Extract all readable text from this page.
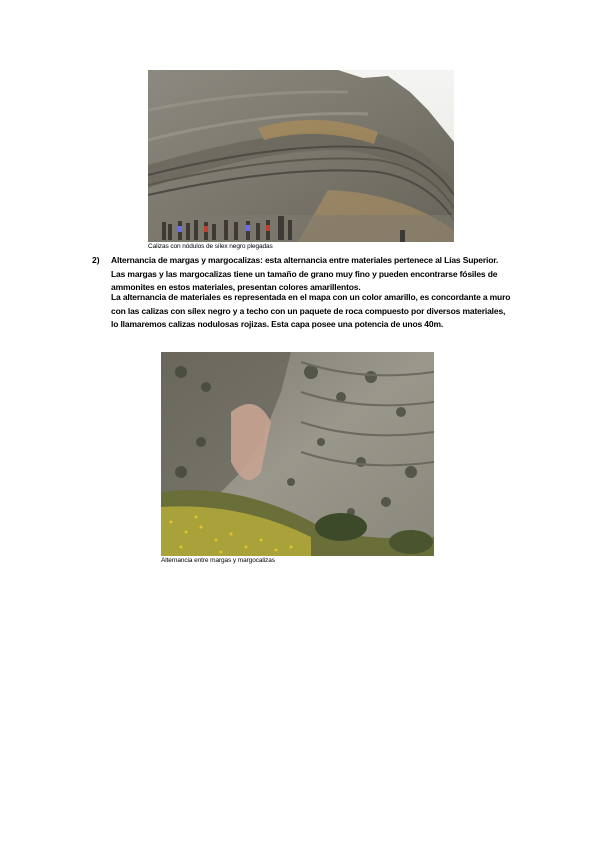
Calizas con nódulos de sílex negro plegadas
2) Alternancia de margas y margocalizas: esta alternancia entre materiales pertenece al Lías Superior. Las margas y las margocalizas tiene un tamaño de grano muy fino y pueden encontrarse fósiles de ammonites en estos materiales, presentan colores amarillentos.

La alternancia de materiales es representada en el mapa con un color amarillo, es concordante a muro con las calizas con sílex negro y a techo con un paquete de roca compuesto por diversos materiales, lo llamaremos calizas nodulosas rojizas. Esta capa posee una potencia de unos 40m.

Alternancia entre margas y margocalizas
